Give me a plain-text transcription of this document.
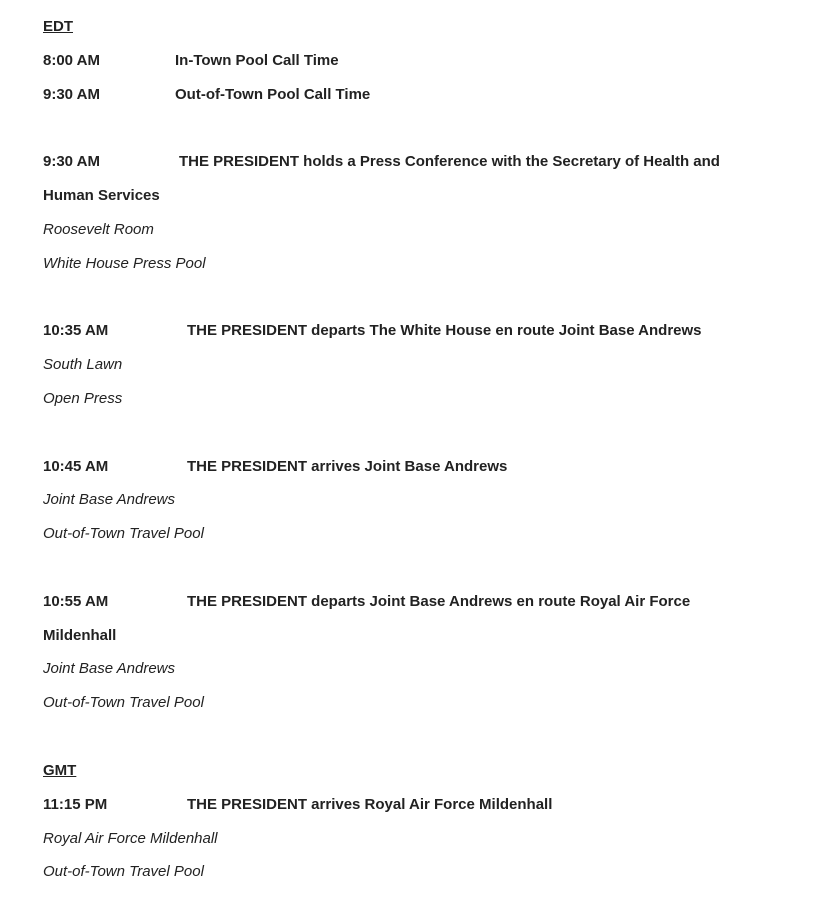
EDT
8:00 AM	In-Town Pool Call Time
9:30 AM	Out-of-Town Pool Call Time
9:30 AM	THE PRESIDENT holds a Press Conference with the Secretary of Health and
Human Services
Roosevelt Room
White House Press Pool
10:35 AM	THE PRESIDENT departs The White House en route Joint Base Andrews
South Lawn
Open Press
10:45 AM	THE PRESIDENT arrives Joint Base Andrews
Joint Base Andrews
Out-of-Town Travel Pool
10:55 AM	THE PRESIDENT departs Joint Base Andrews en route Royal Air Force
Mildenhall
Joint Base Andrews
Out-of-Town Travel Pool
GMT
11:15 PM	THE PRESIDENT arrives Royal Air Force Mildenhall
Royal Air Force Mildenhall
Out-of-Town Travel Pool
